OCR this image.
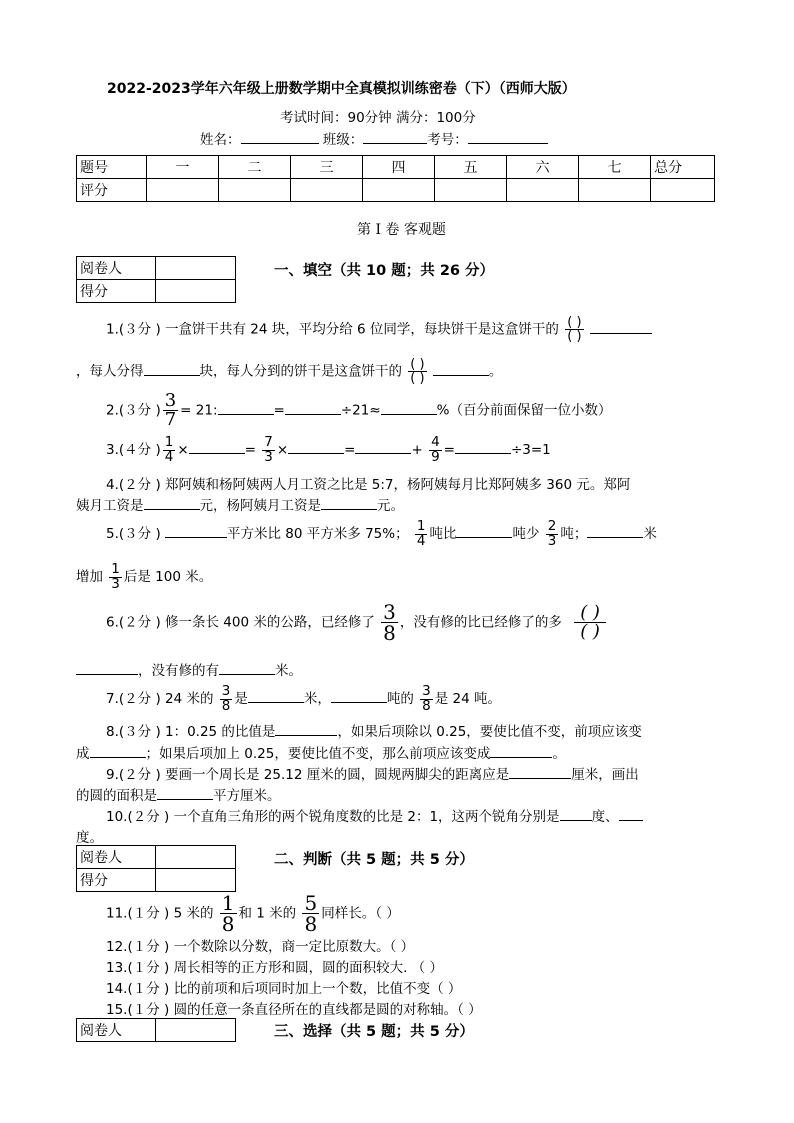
2022-2023学年六年级上册数学期中全真模拟训练密卷（下）（西师大版）
考试时间：90分钟 满分：100分
姓名：	班级：	考号：
题号	一	二	三	四	五	六	七	总分
评分								
第 I 卷 客观题
阅卷人	
得分	
一、填空（共 10 题；共 26 分）
1.(３分 ) 一盒饼干共有 24 块，平均分给 6 位同学，每块饼干是这盒饼干的 $\frac{( )}{( )}$

，每人分得	块，每人分到的饼干是这盒饼干的 $\frac{( )}{( )}$	。
2.(３分 ) $\frac{3}{7} = 21$:	=	÷21≈	%（百分前面保留一位小数）
3.(４分 ) $\frac{1}{4}$ ×	= $\frac{7}{3}$ ×	=	+ $\frac{4}{9}$ =	÷3=1
4.(２分 ) 郑阿姨和杨阿姨两人月工资之比是 5:7，杨阿姨每月比郑阿姨多 360 元。郑阿
姨月工资是	元，杨阿姨月工资是	元。
5.(３分 )	平方米比 80 平方米多 75%； $\frac{1}{4}$ 吨比	吨少 $\frac{2}{3}$ 吨；	米
增加 $\frac{1}{3}$ 后是 100 米。
6.(２分 ) 修一条长 400 米的公路，已经修了 $\frac{3}{8}$ ，没有修的比已经修了的多 $\frac{( )}{( )}$
，没有修的有	米。
7.(２分 ) 24 米的 $\frac{3}{8}$ 是	米，	吨的 $\frac{3}{8}$ 是 24 吨。
8.(３分 ) 1：0.25 的比值是	，如果后项除以 0.25，要使比值不变，前项应该变
成	；如果后项加上 0.25，要使比值不变，那么前项应该变成	。
9.(２分 ) 要画一个周长是 25.12 厘米的圆，圆规两脚尖的距离应是	厘米，画出
的圆的面积是	平方厘米。
10.(２分 ) 一个直角三角形的两个锐角度数的比是 2：1，这两个锐角分别是 度、
度。
阅卷人	
得分	
二、判断（共 5 题；共 5 分）
11.(１分 ) 5 米的 $\frac{1}{8}$ 和 1 米的 $\frac{5}{8}$ 同样长。（ ）
12.(１分 ) 一个数除以分数，商一定比原数大。（ ）
13.(１分 ) 周长相等的正方形和圆，圆的面积较大. （ ）
14.(１分 ) 比的前项和后项同时加上一个数，比值不变（ ）
15.(１分 ) 圆的任意一条直径所在的直线都是圆的对称轴。（ ）
阅卷人		三、选择（共 5 题；共 5 分）
